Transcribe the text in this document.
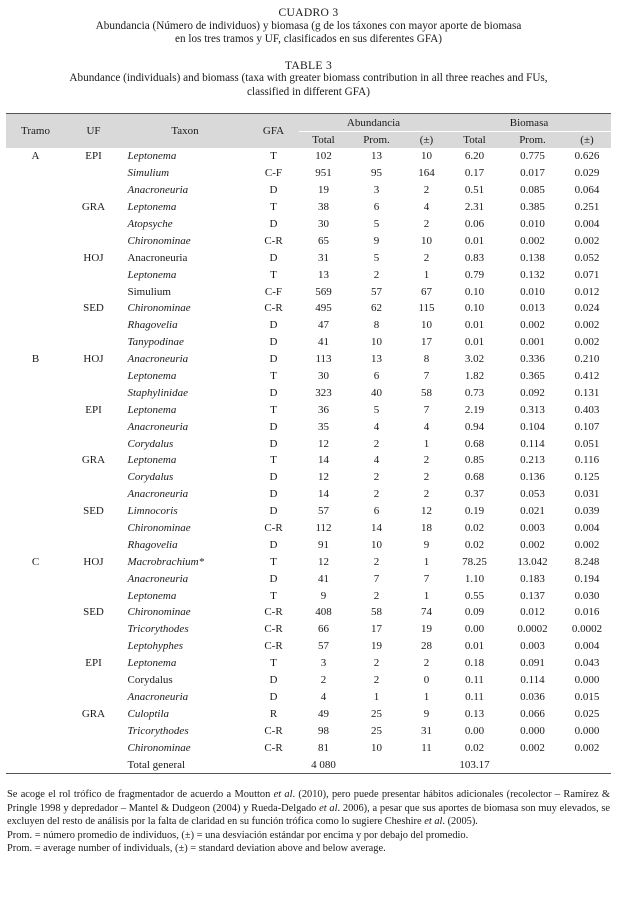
CUADRO 3
Abundancia (Número de individuos) y biomasa (g de los táxones con mayor aporte de biomasa
en los tres tramos y UF, clasificados en sus diferentes GFA)
TABLE 3
Abundance (individuals) and biomass (taxa with greater biomass contribution in all three reaches and FUs,
classified in different GFA)
Tramo	UF	Taxon	GFA	Abundancia			Biomasa		
				Total	Prom.	(±)	Total	Prom.	(±)
A	EPI	Leptonema	T	102	13	10	6.20	0.775	0.626
		Simulium	C-F	951	95	164	0.17	0.017	0.029
		Anacroneuria	D	19	3	2	0.51	0.085	0.064
	GRA	Leptonema	T	38	6	4	2.31	0.385	0.251
		Atopsyche	D	30	5	2	0.06	0.010	0.004
		Chironominae	C-R	65	9	10	0.01	0.002	0.002
	HOJ	Anacroneuria	D	31	5	2	0.83	0.138	0.052
		Leptonema	T	13	2	1	0.79	0.132	0.071
		Simulium	C-F	569	57	67	0.10	0.010	0.012
	SED	Chironominae	C-R	495	62	115	0.10	0.013	0.024
		Rhagovelia	D	47	8	10	0.01	0.002	0.002
		Tanypodinae	D	41	10	17	0.01	0.001	0.002
B	HOJ	Anacroneuria	D	113	13	8	3.02	0.336	0.210
		Leptonema	T	30	6	7	1.82	0.365	0.412
		Staphylinidae	D	323	40	58	0.73	0.092	0.131
	EPI	Leptonema	T	36	5	7	2.19	0.313	0.403
		Anacroneuria	D	35	4	4	0.94	0.104	0.107
		Corydalus	D	12	2	1	0.68	0.114	0.051
	GRA	Leptonema	T	14	4	2	0.85	0.213	0.116
		Corydalus	D	12	2	2	0.68	0.136	0.125
		Anacroneuria	D	14	2	2	0.37	0.053	0.031
	SED	Limnocoris	D	57	6	12	0.19	0.021	0.039
		Chironominae	C-R	112	14	18	0.02	0.003	0.004
		Rhagovelia	D	91	10	9	0.02	0.002	0.002
C	HOJ	Macrobrachium*	T	12	2	1	78.25	13.042	8.248
		Anacroneuria	D	41	7	7	1.10	0.183	0.194
		Leptonema	T	9	2	1	0.55	0.137	0.030
	SED	Chironominae	C-R	408	58	74	0.09	0.012	0.016
		Tricorythodes	C-R	66	17	19	0.00	0.0002	0.0002
		Leptohyphes	C-R	57	19	28	0.01	0.003	0.004
	EPI	Leptonema	T	3	2	2	0.18	0.091	0.043
		Corydalus	D	2	2	0	0.11	0.114	0.000
		Anacroneuria	D	4	1	1	0.11	0.036	0.015
	GRA	Culoptila	R	49	25	9	0.13	0.066	0.025
		Tricorythodes	C-R	98	25	31	0.00	0.000	0.000
		Chironominae	C-R	81	10	11	0.02	0.002	0.002
		Total general		4 080			103.17		

Se acoge el rol trófico de fragmentador de acuerdo a Moutton et al. (2010), pero puede presentar hábitos adicionales (recolector – Ramírez & Pringle 1998 y depredador – Mantel & Dudgeon (2004) y Rueda-Delgado et al. 2006), a pesar que sus aportes de biomasa son muy elevados, se excluyen del resto de análisis por la falta de claridad en su función trófica como lo sugiere Cheshire et al. (2005).

Prom. = número promedio de individuos, (±) = una desviación estándar por encima y por debajo del promedio.

Prom. = average number of individuals, (±) = standard deviation above and below average.
